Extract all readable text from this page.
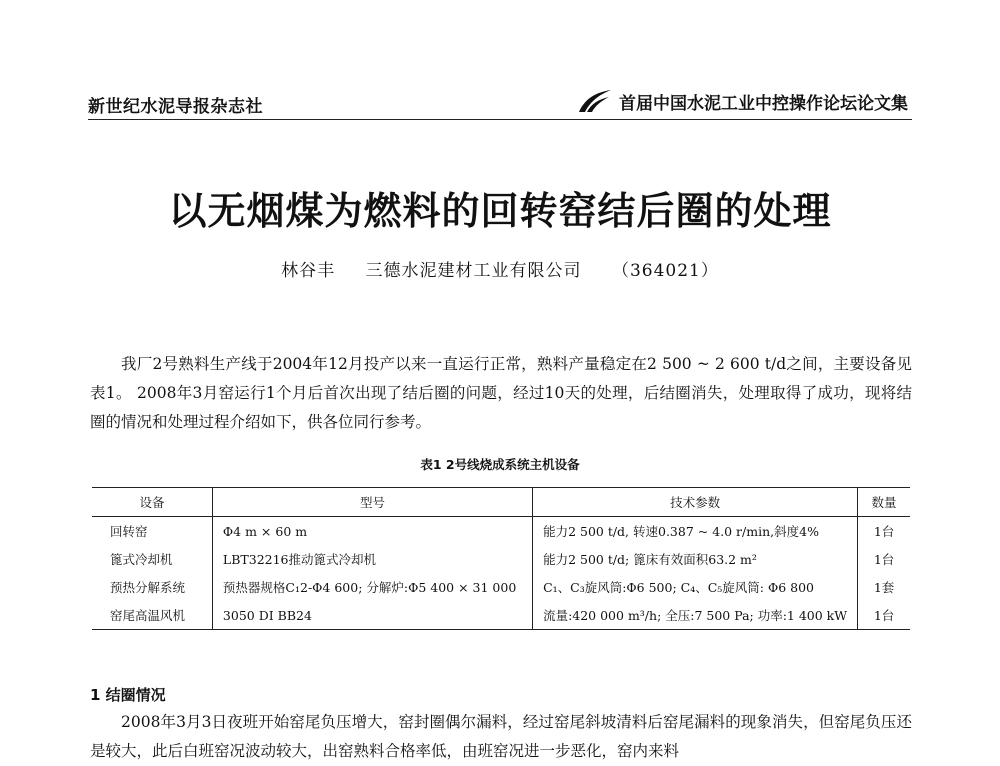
新世纪水泥导报杂志社	首届中国水泥工业中控操作论坛论文集
以无烟煤为燃料的回转窑结后圈的处理
林谷丰 三德水泥建材工业有限公司 （364021）

我厂2号熟料生产线于2004年12月投产以来一直运行正常，熟料产量稳定在2 500 ~ 2 600 t/d之间，主要设备见表1。 2008年3月窑运行1个月后首次出现了结后圈的问题，经过10天的处理，后结圈消失，处理取得了成功，现将结圈的情况和处理过程介绍如下，供各位同行参考。

表1 2号线烧成系统主机设备
设备	型号	技术参数	数量
回转窑	Φ4 m × 60 m	能力2 500 t/d, 转速0.387 ~ 4.0 r/min,斜度4%	1台
篦式冷却机	LBT32216推动篦式冷却机	能力2 500 t/d; 篦床有效面积63.2 m²	1台
预热分解系统	预热器规格C₁2-Φ4 600; 分解炉:Φ5 400 × 31 000	C₁、C₃旋风筒:Φ6 500; C₄、C₅旋风筒: Φ6 800	1套
窑尾高温风机	3050 DI BB24	流量:420 000 m³/h; 全压:7 500 Pa; 功率:1 400 kW	1台
1 结圈情况

2008年3月3日夜班开始窑尾负压增大，窑封圈偶尔漏料，经过窑尾斜坡清料后窑尾漏料的现象消失，但窑尾负压还是较大，此后白班窑况波动较大，出窑熟料合格率低，由班窑况进一步恶化，窑内来料
